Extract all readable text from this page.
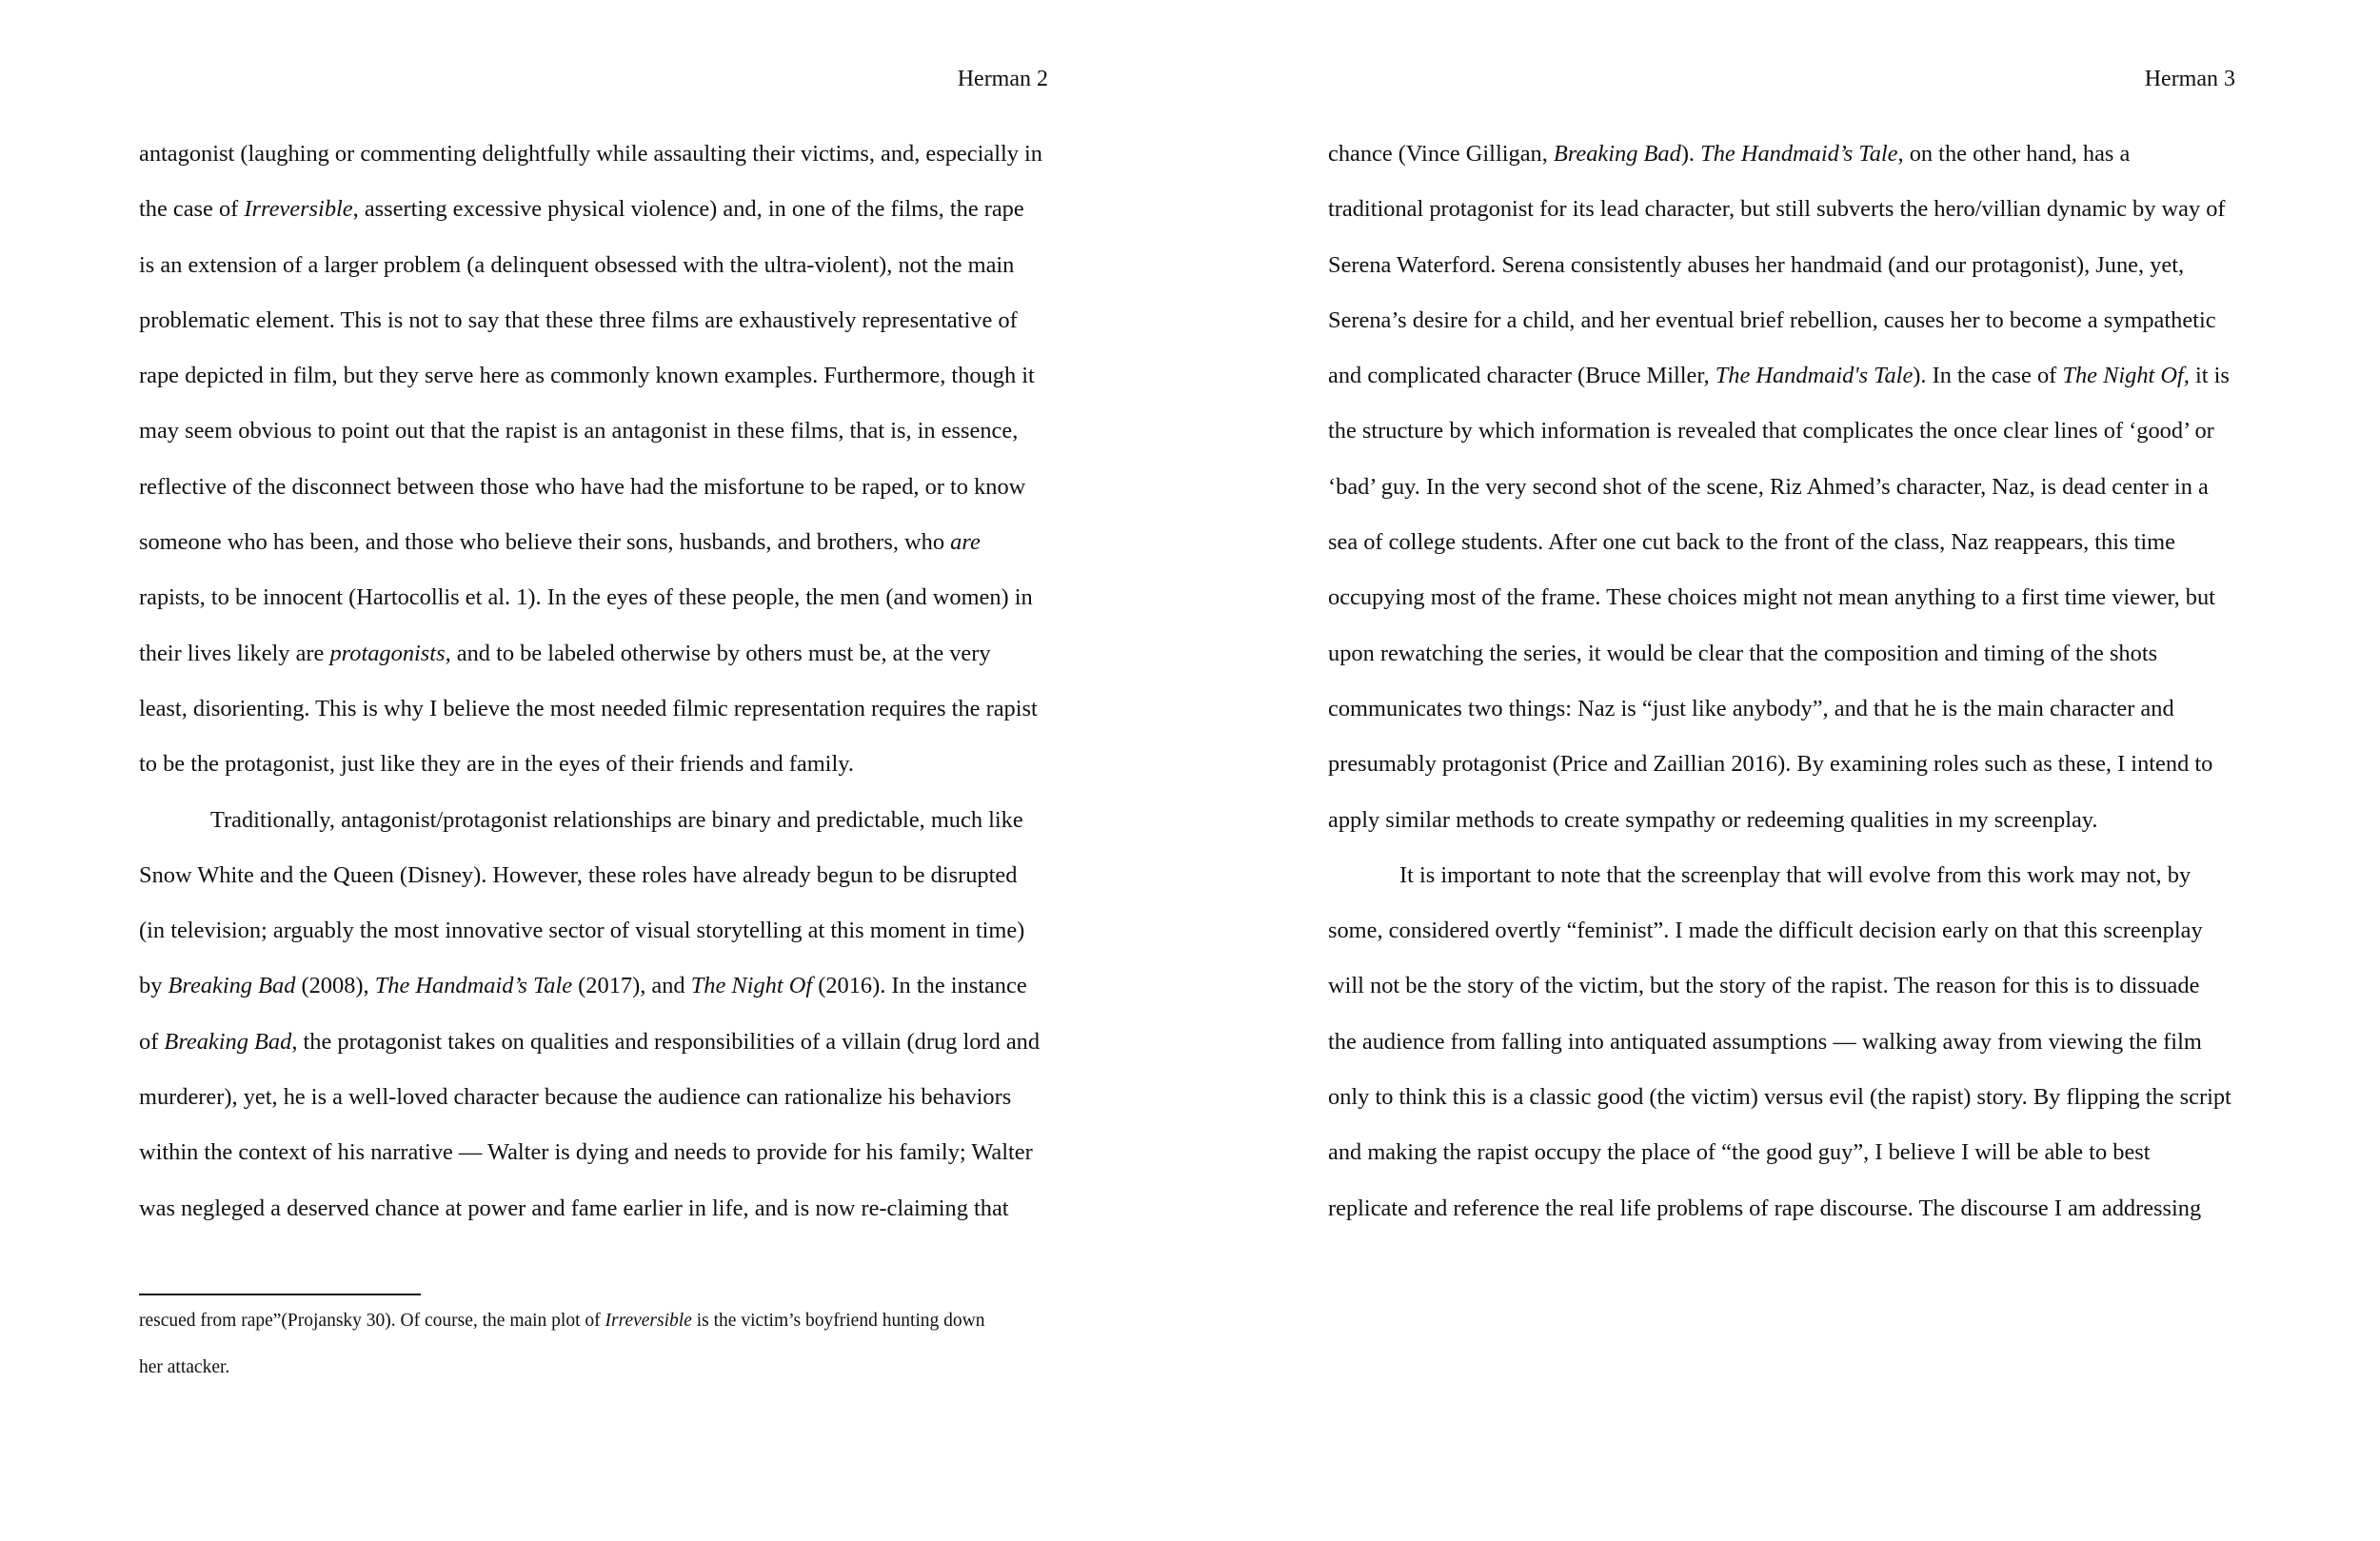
Herman 2
antagonist (laughing or commenting delightfully while assaulting their victims, and, especially in
the case of Irreversible, asserting excessive physical violence) and, in one of the films, the rape
is an extension of a larger problem (a delinquent obsessed with the ultra-violent), not the main
problematic element. This is not to say that these three films are exhaustively representative of
rape depicted in film, but they serve here as commonly known examples. Furthermore, though it
may seem obvious to point out that the rapist is an antagonist in these films, that is, in essence,
reflective of the disconnect between those who have had the misfortune to be raped, or to know
someone who has been, and those who believe their sons, husbands, and brothers, who are
rapists, to be innocent (Hartocollis et al. 1). In the eyes of these people, the men (and women) in
their lives likely are protagonists, and to be labeled otherwise by others must be, at the very
least, disorienting. This is why I believe the most needed filmic representation requires the rapist
to be the protagonist, just like they are in the eyes of their friends and family.
Traditionally, antagonist/protagonist relationships are binary and predictable, much like
Snow White and the Queen (Disney). However, these roles have already begun to be disrupted
(in television; arguably the most innovative sector of visual storytelling at this moment in time)
by Breaking Bad (2008), The Handmaid’s Tale (2017), and The Night Of (2016). In the instance
of Breaking Bad, the protagonist takes on qualities and responsibilities of a villain (drug lord and
murderer), yet, he is a well-loved character because the audience can rationalize his behaviors
within the context of his narrative — Walter is dying and needs to provide for his family; Walter
was negleged a deserved chance at power and fame earlier in life, and is now re-claiming that
rescued from rape”(Projansky 30). Of course, the main plot of Irreversible is the victim’s boyfriend hunting down
her attacker.
Herman 3
chance (Vince Gilligan, Breaking Bad). The Handmaid’s Tale, on the other hand, has a
traditional protagonist for its lead character, but still subverts the hero/villian dynamic by way of
Serena Waterford. Serena consistently abuses her handmaid (and our protagonist), June, yet,
Serena’s desire for a child, and her eventual brief rebellion, causes her to become a sympathetic
and complicated character (Bruce Miller, The Handmaid's Tale). In the case of The Night Of, it is
the structure by which information is revealed that complicates the once clear lines of ‘good’ or
‘bad’ guy. In the very second shot of the scene, Riz Ahmed’s character, Naz, is dead center in a
sea of college students. After one cut back to the front of the class, Naz reappears, this time
occupying most of the frame. These choices might not mean anything to a first time viewer, but
upon rewatching the series, it would be clear that the composition and timing of the shots
communicates two things: Naz is “just like anybody”, and that he is the main character and
presumably protagonist (Price and Zaillian 2016). By examining roles such as these, I intend to
apply similar methods to create sympathy or redeeming qualities in my screenplay.
It is important to note that the screenplay that will evolve from this work may not, by
some, considered overtly “feminist”. I made the difficult decision early on that this screenplay
will not be the story of the victim, but the story of the rapist. The reason for this is to dissuade
the audience from falling into antiquated assumptions — walking away from viewing the film
only to think this is a classic good (the victim) versus evil (the rapist) story. By flipping the script
and making the rapist occupy the place of “the good guy”, I believe I will be able to best
replicate and reference the real life problems of rape discourse. The discourse I am addressing
